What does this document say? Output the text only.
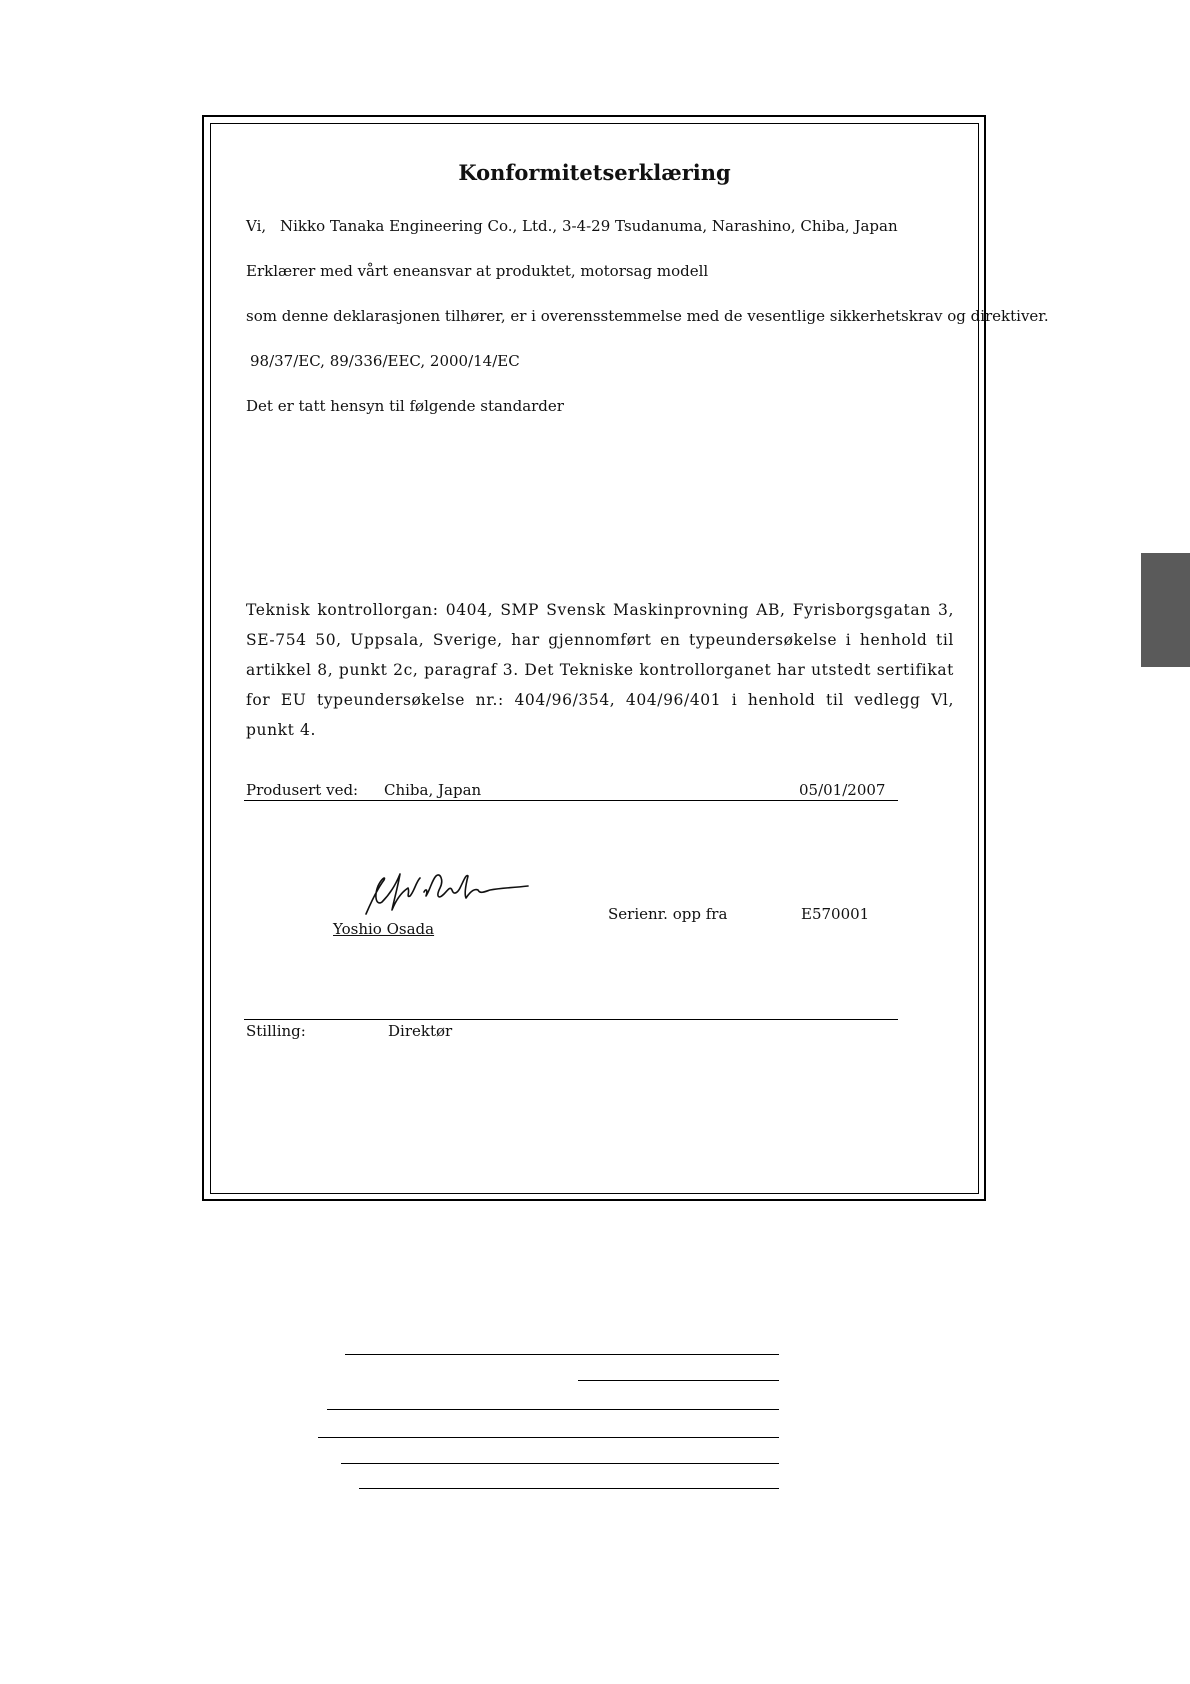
Konformitetserklæring
Vi, Nikko Tanaka Engineering Co., Ltd., 3-4-29 Tsudanuma, Narashino, Chiba, Japan
Erklærer med vårt eneansvar at produktet, motorsag modell
som denne deklarasjonen tilhører, er i overensstemmelse med de vesentlige sikkerhetskrav og direktiver.
98/37/EC, 89/336/EEC, 2000/14/EC
Det er tatt hensyn til følgende standarder
Teknisk kontrollorgan: 0404, SMP Svensk Maskinprovning AB, Fyrisborgsgatan 3, SE-754 50, Uppsala, Sverige, har gjennomført en typeundersøkelse i henhold til artikkel 8, punkt 2c, paragraf 3. Det Tekniske kontrollorganet har utstedt sertifikat for EU typeundersøkelse nr.: 404/96/354, 404/96/401 i henhold til vedlegg Vl, punkt 4.
Produsert ved: Chiba, Japan	05/01/2007
Yoshio Osada
Serienr. opp fra	E570001
Stilling:	Direktør
